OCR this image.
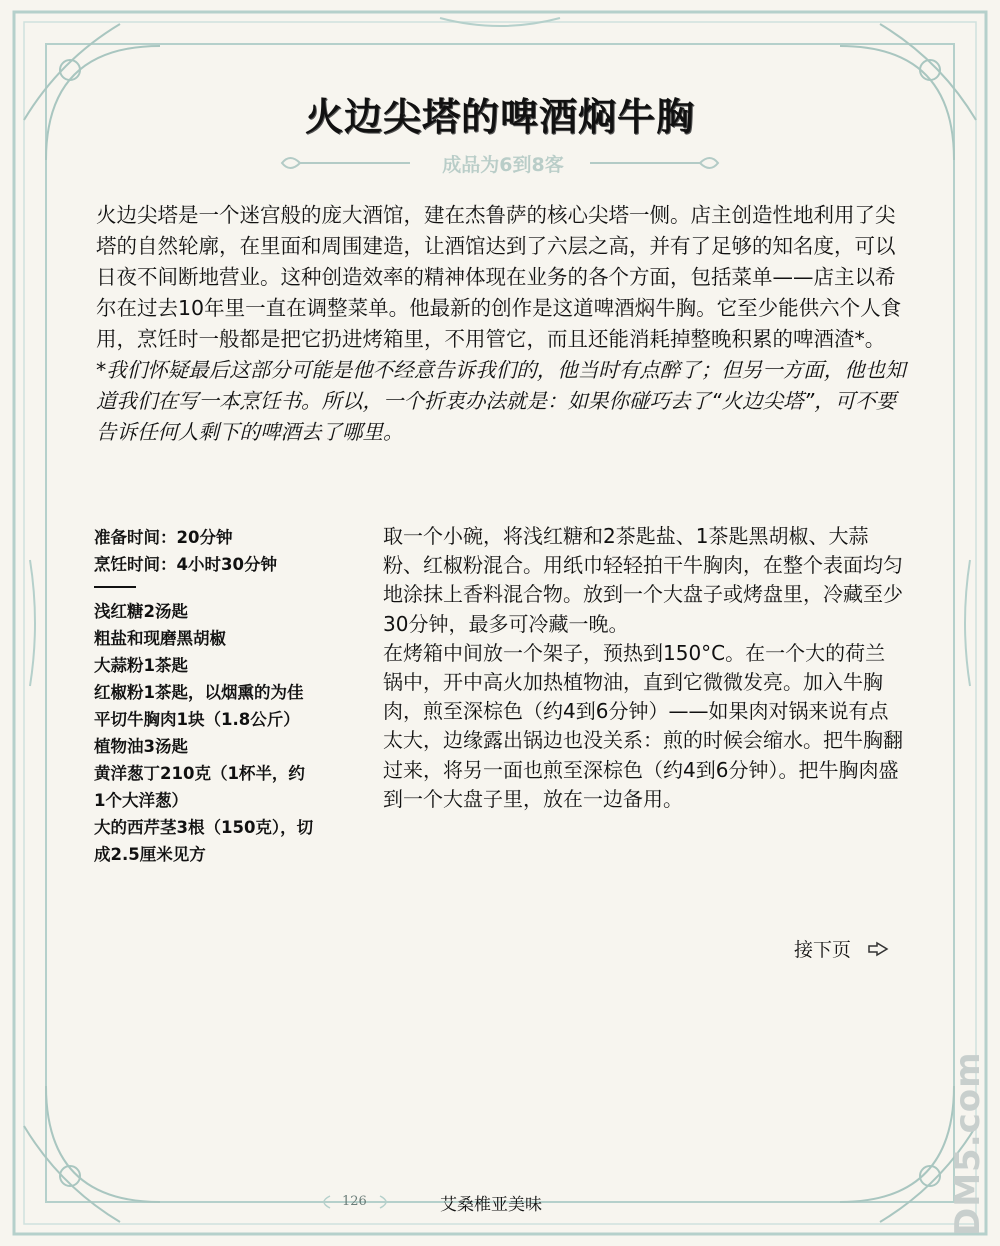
火边尖塔的啤酒焖牛胸
成品为6到8客

火边尖塔是一个迷宫般的庞大酒馆，建在杰鲁萨的核心尖塔一侧。店主创造性地利用了尖塔的自然轮廓，在里面和周围建造，让酒馆达到了六层之高，并有了足够的知名度，可以日夜不间断地营业。这种创造效率的精神体现在业务的各个方面，包括菜单——店主以希尔在过去10年里一直在调整菜单。他最新的创作是这道啤酒焖牛胸。它至少能供六个人食用，烹饪时一般都是把它扔进烤箱里，不用管它，而且还能消耗掉整晚积累的啤酒渣*。

*我们怀疑最后这部分可能是他不经意告诉我们的，他当时有点醉了；但另一方面，他也知道我们在写一本烹饪书。所以，一个折衷办法就是：如果你碰巧去了“火边尖塔”，可不要告诉任何人剩下的啤酒去了哪里。

准备时间：20分钟
烹饪时间：4小时30分钟
浅红糖2汤匙
粗盐和现磨黑胡椒
大蒜粉1茶匙
红椒粉1茶匙，以烟熏的为佳
平切牛胸肉1块（1.8公斤）
植物油3汤匙
黄洋葱丁210克（1杯半，约1个大洋葱）
大的西芹茎3根（150克），切成2.5厘米见方

取一个小碗，将浅红糖和2茶匙盐、1茶匙黑胡椒、大蒜粉、红椒粉混合。用纸巾轻轻拍干牛胸肉，在整个表面均匀地涂抹上香料混合物。放到一个大盘子或烤盘里，冷藏至少30分钟，最多可冷藏一晚。

在烤箱中间放一个架子，预热到150°C。在一个大的荷兰锅中，开中高火加热植物油，直到它微微发亮。加入牛胸肉，煎至深棕色（约4到6分钟）——如果肉对锅来说有点太大，边缘露出锅边也没关系：煎的时候会缩水。把牛胸翻过来，将另一面也煎至深棕色（约4到6分钟）。把牛胸肉盛到一个大盘子里，放在一边备用。

接下页
126	艾桑椎亚美味	DM5.com
